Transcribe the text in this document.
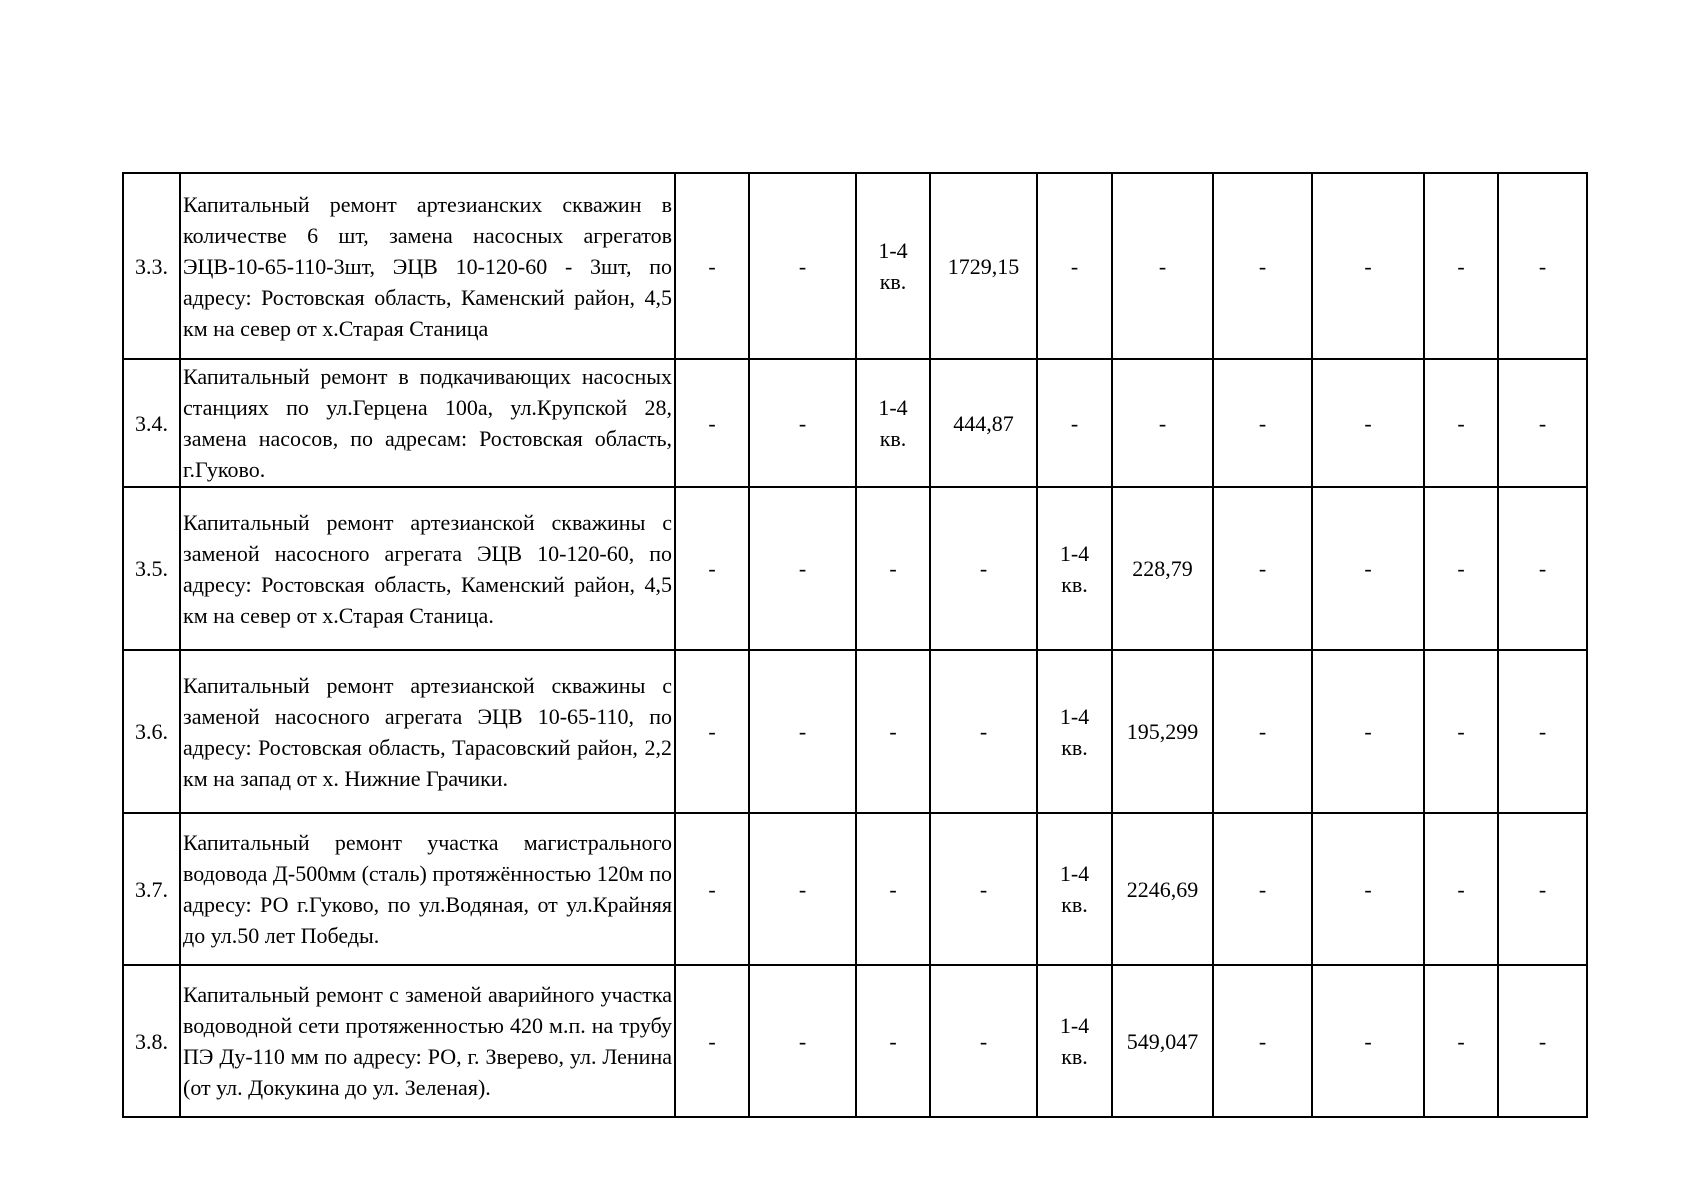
3.3.	Капитальный ремонт артезианских скважин в количестве 6 шт, замена насосных агрегатов ЭЦВ-10-65-110-3шт, ЭЦВ 10-120-60 - 3шт, по адресу: Ростовская область, Каменский район, 4,5 км на север от х.Старая Станица	-	-	1-4 кв.	1729,15	-	-	-	-	-	-
3.4.	Капитальный ремонт в подкачивающих насосных станциях по ул.Герцена 100а, ул.Крупской 28, замена насосов, по адресам: Ростовская область, г.Гуково.	-	-	1-4 кв.	444,87	-	-	-	-	-	-
3.5.	Капитальный ремонт артезианской скважины с заменой насосного агрегата ЭЦВ 10-120-60, по адресу: Ростовская область, Каменский район, 4,5 км на север от х.Старая Станица.	-	-	-	-	1-4 кв.	228,79	-	-	-	-
3.6.	Капитальный ремонт артезианской скважины с заменой насосного агрегата ЭЦВ 10-65-110, по адресу: Ростовская область, Тарасовский район, 2,2 км на запад от х. Нижние Грачики.	-	-	-	-	1-4 кв.	195,299	-	-	-	-
3.7.	Капитальный ремонт участка магистрального водовода Д-500мм (сталь) протяжённостью 120м по адресу: РО г.Гуково, по ул.Водяная, от ул.Крайняя до ул.50 лет Победы.	-	-	-	-	1-4 кв.	2246,69	-	-	-	-
3.8.	Капитальный ремонт с заменой аварийного участка водоводной сети протяженностью 420 м.п. на трубу ПЭ Ду-110 мм по адресу: РО, г. Зверево, ул. Ленина (от ул. Докукина до ул. Зеленая).	-	-	-	-	1-4 кв.	549,047	-	-	-	-
